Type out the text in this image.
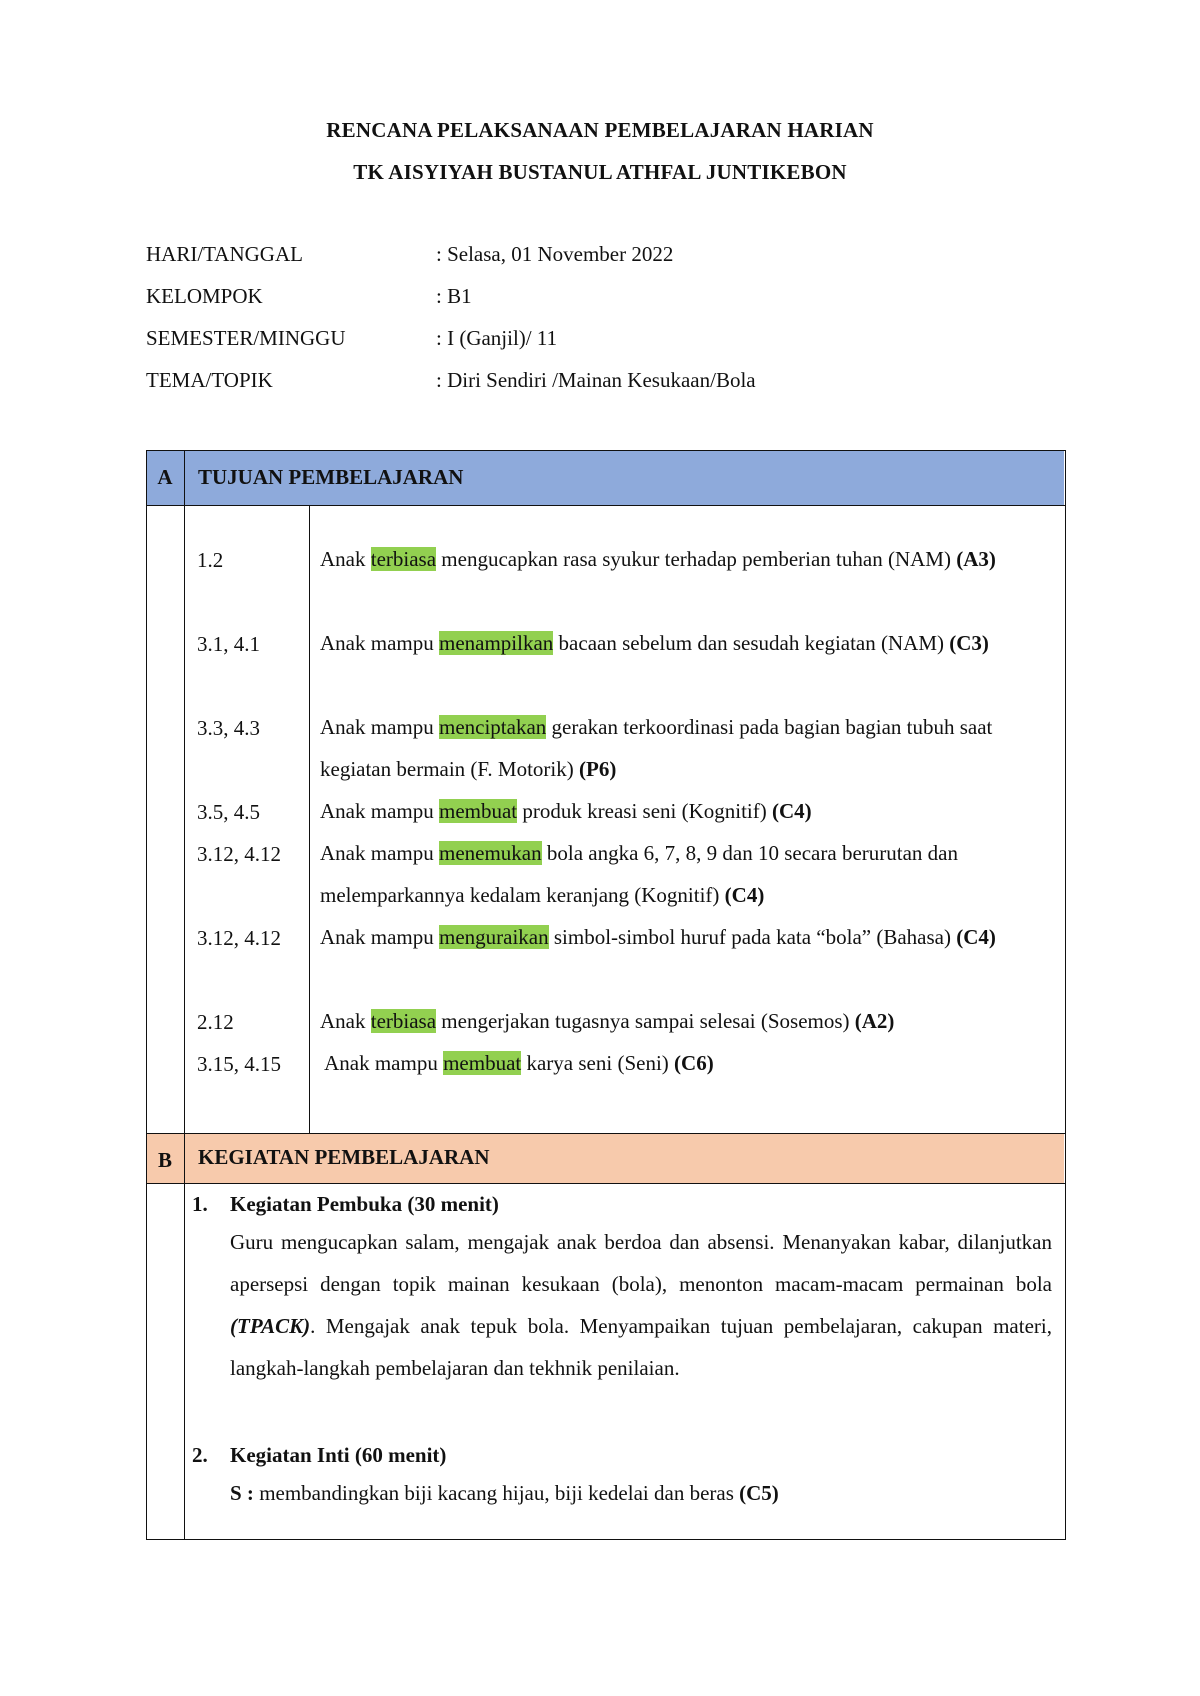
RENCANA PELAKSANAAN PEMBELAJARAN HARIAN
TK AISYIYAH BUSTANUL ATHFAL JUNTIKEBON
HARI/TANGGAL	: Selasa, 01 November 2022
KELOMPOK	: B1
SEMESTER/MINGGU	: I (Ganjil)/ 11
TEMA/TOPIK	: Diri Sendiri /Mainan Kesukaan/Bola
A	TUJUAN PEMBELAJARAN
1.2	Anak terbiasa mengucapkan rasa syukur terhadap pemberian tuhan (NAM) (A3)
3.1, 4.1	Anak mampu menampilkan bacaan sebelum dan sesudah kegiatan (NAM) (C3)
3.3, 4.3	Anak mampu menciptakan gerakan terkoordinasi pada bagian bagian tubuh saat kegiatan bermain (F. Motorik) (P6)
3.5, 4.5	Anak mampu membuat produk kreasi seni (Kognitif) (C4)
3.12, 4.12 Anak mampu menemukan bola angka 6, 7, 8, 9 dan 10 secara berurutan dan melemparkannya kedalam keranjang (Kognitif) (C4)
3.12, 4.12 Anak mampu menguraikan simbol-simbol huruf pada kata “bola” (Bahasa) (C4)
2.12	Anak terbiasa mengerjakan tugasnya sampai selesai (Sosemos) (A2)
3.15, 4.15 Anak mampu membuat karya seni (Seni) (C6)
B	KEGIATAN PEMBELAJARAN
1. Kegiatan Pembuka (30 menit)
Guru mengucapkan salam, mengajak anak berdoa dan absensi. Menanyakan kabar, dilanjutkan apersepsi dengan topik mainan kesukaan (bola), menonton macam-macam permainan bola    (TPACK). Mengajak anak tepuk bola. Menyampaikan tujuan pembelajaran, cakupan materi, langkah-langkah pembelajaran dan tekhnik penilaian.
2. Kegiatan Inti (60 menit)
S : membandingkan biji kacang hijau, biji kedelai dan beras (C5)
